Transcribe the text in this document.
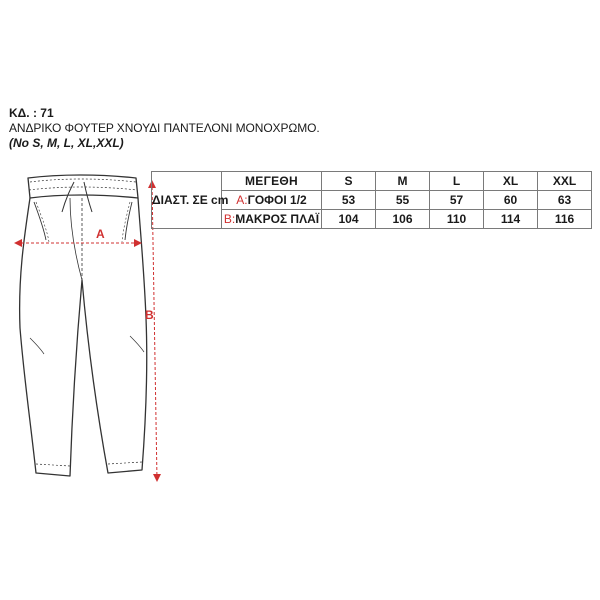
ΚΔ. : 71

ΑΝΔΡΙΚΟ ΦΟΥΤΕΡ ΧΝΟΥΔΙ ΠΑΝΤΕΛΟΝΙ ΜΟΝΟΧΡΩΜΟ.

(No S, M, L, XL,XXL)

A
B
ΔΙΑΣΤ. ΣΕ cm	ΜΕΓΕΘΗ	S	M	L	XL	XXL
	A:ΓΟΦΟΙ 1/2	53	55	57	60	63
	B:ΜΑΚΡΟΣ ΠΛΑΪ	104	106	110	114	116
